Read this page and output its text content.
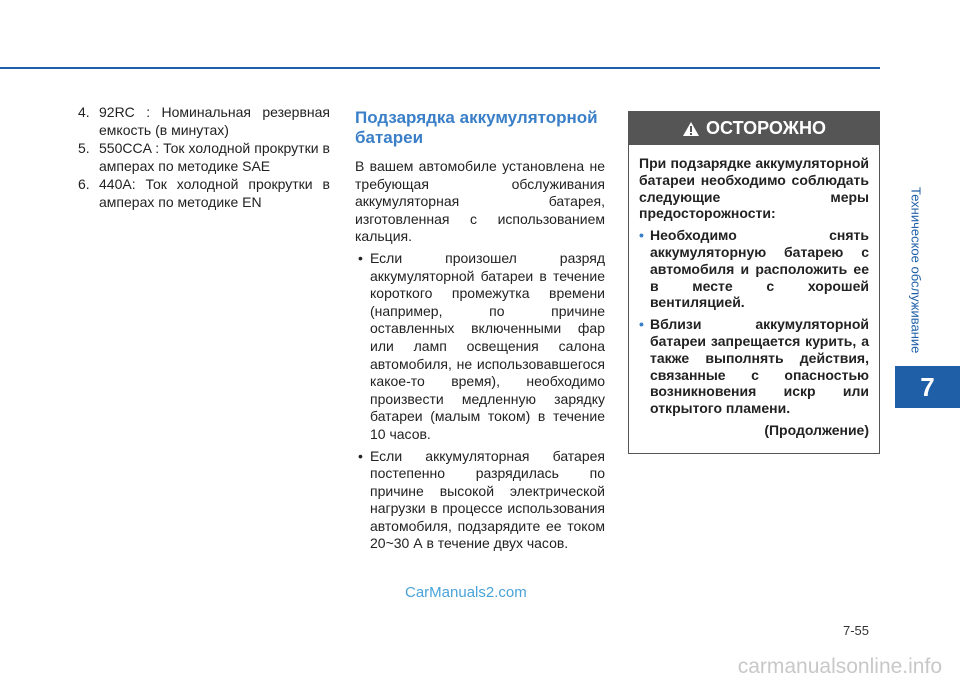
Техническое обслуживание
7
4. 92RC : Номинальная резервная емкость (в минутах)
5. 550CCA : Ток холодной прокрутки в амперах по методике SAE
6. 440A: Ток холодной прокрутки в амперах по методике EN
Подзарядка аккумуляторной батареи
В вашем автомобиле установлена не требующая обслуживания аккумуляторная батарея, изготовленная с использованием кальция.
• Если произошел разряд аккумуляторной батареи в течение короткого промежутка времени (например, по причине оставленных включенными фар или ламп освещения салона автомобиля, не использовавшегося какое-то время), необходимо произвести медленную зарядку батареи (малым током) в течение 10 часов.
• Если аккумуляторная батарея постепенно разрядилась по причине высокой электрической нагрузки в процессе использования автомобиля, подзарядите ее током 20~30 А в течение двух часов.
ОСТОРОЖНО

При подзарядке аккумуляторной батареи необходимо соблюдать следующие меры предосторожности:

• Необходимо снять аккумуляторную батарею с автомобиля и расположить ее в месте с хорошей вентиляцией.
• Вблизи аккумуляторной батареи запрещается курить, а также выполнять действия, связанные с опасностью возникновения искр или открытого пламени.
(Продолжение)
CarManuals2.com
7-55
carmanualsonline.info
